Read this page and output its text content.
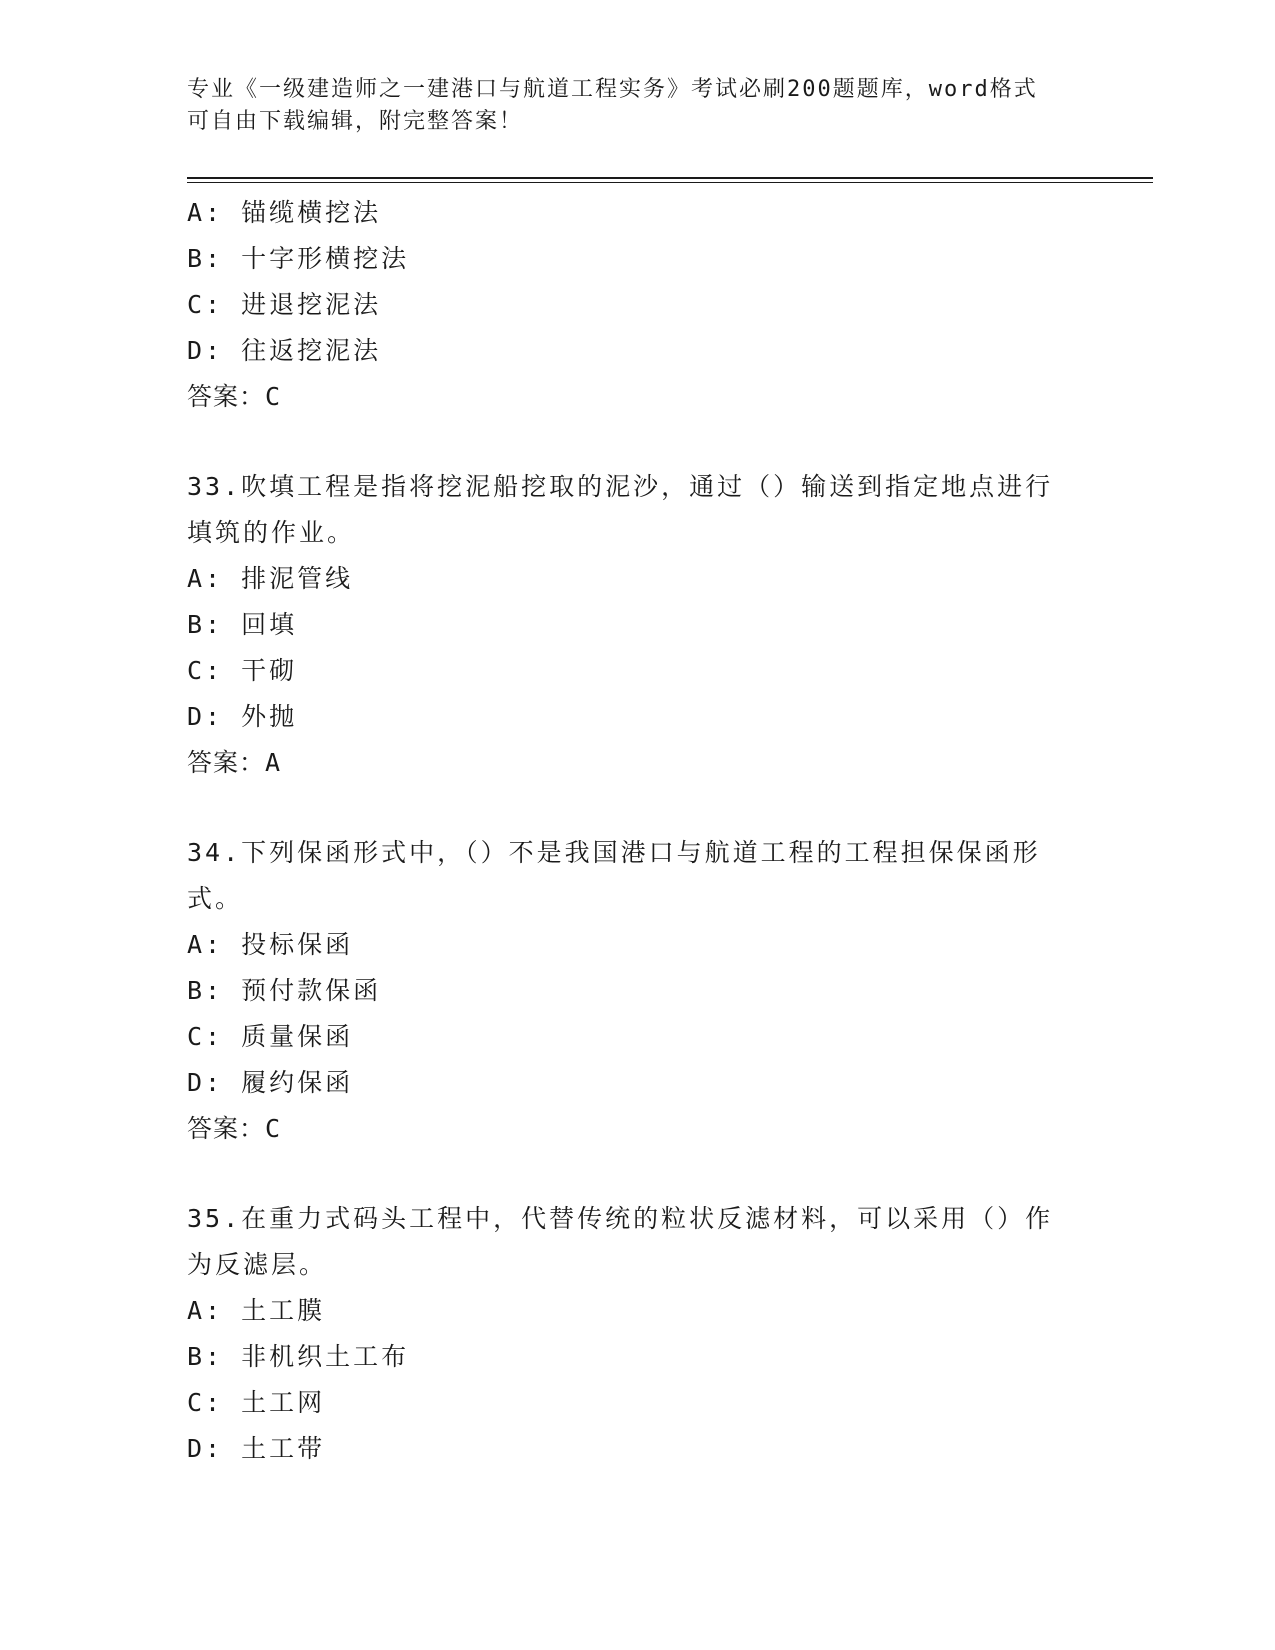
专业《一级建造师之一建港口与航道工程实务》考试必刷200题题库，word格式
可自由下载编辑，附完整答案！
A: 锚缆横挖法
B: 十字形横挖法
C: 进退挖泥法
D: 往返挖泥法
答案：C
33.吹填工程是指将挖泥船挖取的泥沙，通过（）输送到指定地点进行
填筑的作业。
A: 排泥管线
B: 回填
C: 干砌
D: 外抛
答案：A
34.下列保函形式中，（）不是我国港口与航道工程的工程担保保函形
式。
A: 投标保函
B: 预付款保函
C: 质量保函
D: 履约保函
答案：C
35.在重力式码头工程中，代替传统的粒状反滤材料，可以采用（）作
为反滤层。
A: 土工膜
B: 非机织土工布
C: 土工网
D: 土工带
